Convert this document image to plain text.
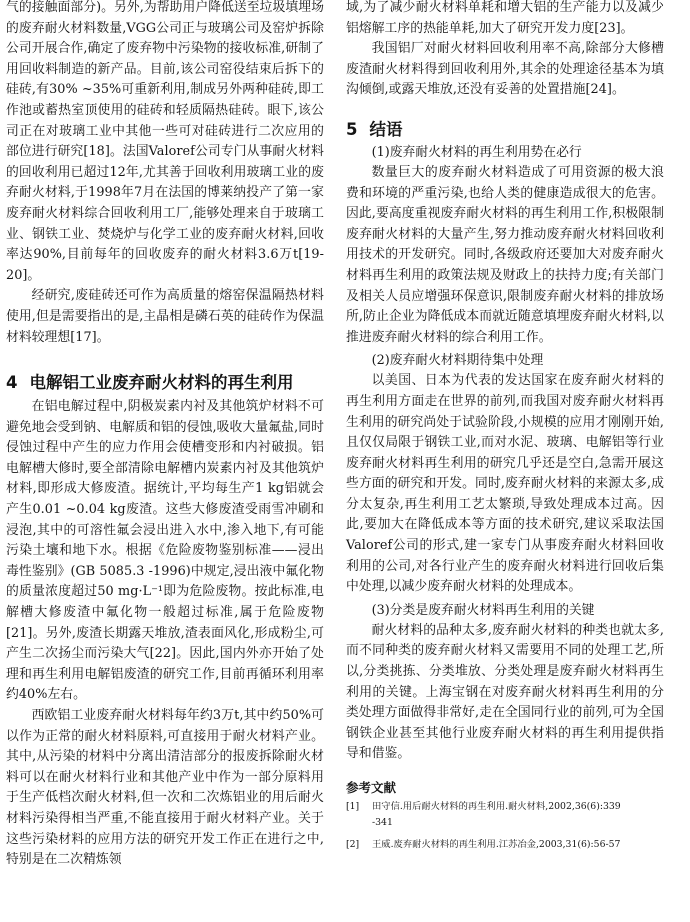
气的接触面部分)。另外,为帮助用户降低送至垃圾填埋场的废弃耐火材料数量,VGG公司正与玻璃公司及窑炉拆除公司开展合作,确定了废弃物中污染物的接收标准,研制了用回收料制造的新产品。目前,该公司窑役结束后拆下的硅砖,有30% ~35%可重新利用,制成另外两种硅砖,即工作池或蓄热室顶使用的硅砖和轻质隔热硅砖。眼下,该公司正在对玻璃工业中其他一些可对硅砖进行二次应用的部位进行研究[18]。法国Valoref公司专门从事耐火材料的回收利用已超过12年,尤其善于回收利用玻璃工业的废弃耐火材料,于1998年7月在法国的博莱纳投产了第一家废弃耐火材料综合回收利用工厂,能够处理来自于玻璃工业、钢铁工业、焚烧炉与化学工业的废弃耐火材料,回收率达90%,目前每年的回收废弃的耐火材料3.6万t[19-20]。

经研究,废硅砖还可作为高质量的熔窑保温隔热材料使用,但是需要指出的是,主晶相是磷石英的硅砖作为保温材料较理想[17]。

4 电解铝工业废弃耐火材料的再生利用

在铝电解过程中,阴极炭素内衬及其他筑炉材料不可避免地会受到钠、电解质和铝的侵蚀,吸收大量氟盐,同时侵蚀过程中产生的应力作用会使槽变形和内衬破损。铝电解槽大修时,要全部清除电解槽内炭素内衬及其他筑炉材料,即形成大修废渣。据统计,平均每生产1 kg铝就会产生0.01 ~0.04 kg废渣。这些大修废渣受雨雪冲刷和浸泡,其中的可溶性氟会浸出进入水中,渗入地下,有可能污染土壤和地下水。根据《危险废物鉴别标准——浸出毒性鉴别》(GB 5085.3 -1996)中规定,浸出液中氟化物的质量浓度超过50 mg·L⁻¹即为危险废物。按此标准,电解槽大修废渣中氟化物一般超过标准,属于危险废物[21]。另外,废渣长期露天堆放,渣表面风化,形成粉尘,可产生二次扬尘而污染大气[22]。因此,国内外亦开始了处理和再生利用电解铝废渣的研究工作,目前再循环利用率约40%左右。

西欧铝工业废弃耐火材料每年约3万t,其中约50%可以作为正常的耐火材料原料,可直接用于耐火材料产业。其中,从污染的材料中分离出清洁部分的报废拆除耐火材料可以在耐火材料行业和其他产业中作为一部分原料用于生产低档次耐火材料,但一次和二次炼铝业的用后耐火材料污染得相当严重,不能直接用于耐火材料产业。关于这些污染材料的应用方法的研究开发工作正在进行之中,特别是在二次精炼领

域,为了减少耐火材料单耗和增大铝的生产能力以及减少铝熔解工序的热能单耗,加大了研究开发力度[23]。

我国铝厂对耐火材料回收利用率不高,除部分大修槽废渣耐火材料得到回收利用外,其余的处理途径基本为填沟倾倒,或露天堆放,还没有妥善的处置措施[24]。

5 结语
(1)废弃耐火材料的再生利用势在必行

数量巨大的废弃耐火材料造成了可用资源的极大浪费和环境的严重污染,也给人类的健康造成很大的危害。因此,要高度重视废弃耐火材料的再生利用工作,积极限制废弃耐火材料的大量产生,努力推动废弃耐火材料回收利用技术的开发研究。同时,各级政府还要加大对废弃耐火材料再生利用的政策法规及财政上的扶持力度;有关部门及相关人员应增强环保意识,限制废弃耐火材料的排放场所,防止企业为降低成本而就近随意填埋废弃耐火材料,以推进废弃耐火材料的综合利用工作。

(2)废弃耐火材料期待集中处理

以美国、日本为代表的发达国家在废弃耐火材料的再生利用方面走在世界的前列,而我国对废弃耐火材料再生利用的研究尚处于试验阶段,小规模的应用才刚刚开始,且仅仅局限于钢铁工业,而对水泥、玻璃、电解铝等行业废弃耐火材料再生利用的研究几乎还是空白,急需开展这些方面的研究和开发。同时,废弃耐火材料的来源太多,成分太复杂,再生利用工艺太繁琐,导致处理成本过高。因此,要加大在降低成本等方面的技术研究,建议采取法国Valoref公司的形式,建一家专门从事废弃耐火材料回收利用的公司,对各行业产生的废弃耐火材料进行回收后集中处理,以减少废弃耐火材料的处理成本。

(3)分类是废弃耐火材料再生利用的关键

耐火材料的品种太多,废弃耐火材料的种类也就太多,而不同种类的废弃耐火材料又需要用不同的处理工艺,所以,分类挑拣、分类堆放、分类处理是废弃耐火材料再生利用的关键。上海宝钢在对废弃耐火材料再生利用的分类处理方面做得非常好,走在全国同行业的前列,可为全国钢铁企业甚至其他行业废弃耐火材料的再生利用提供指导和借鉴。

参考文献
[1]	田守信.用后耐火材料的再生利用.耐火材料,2002,36(6):339
-341
[2]	王威.废弃耐火材料的再生利用.江苏冶金,2003,31(6):56-57
